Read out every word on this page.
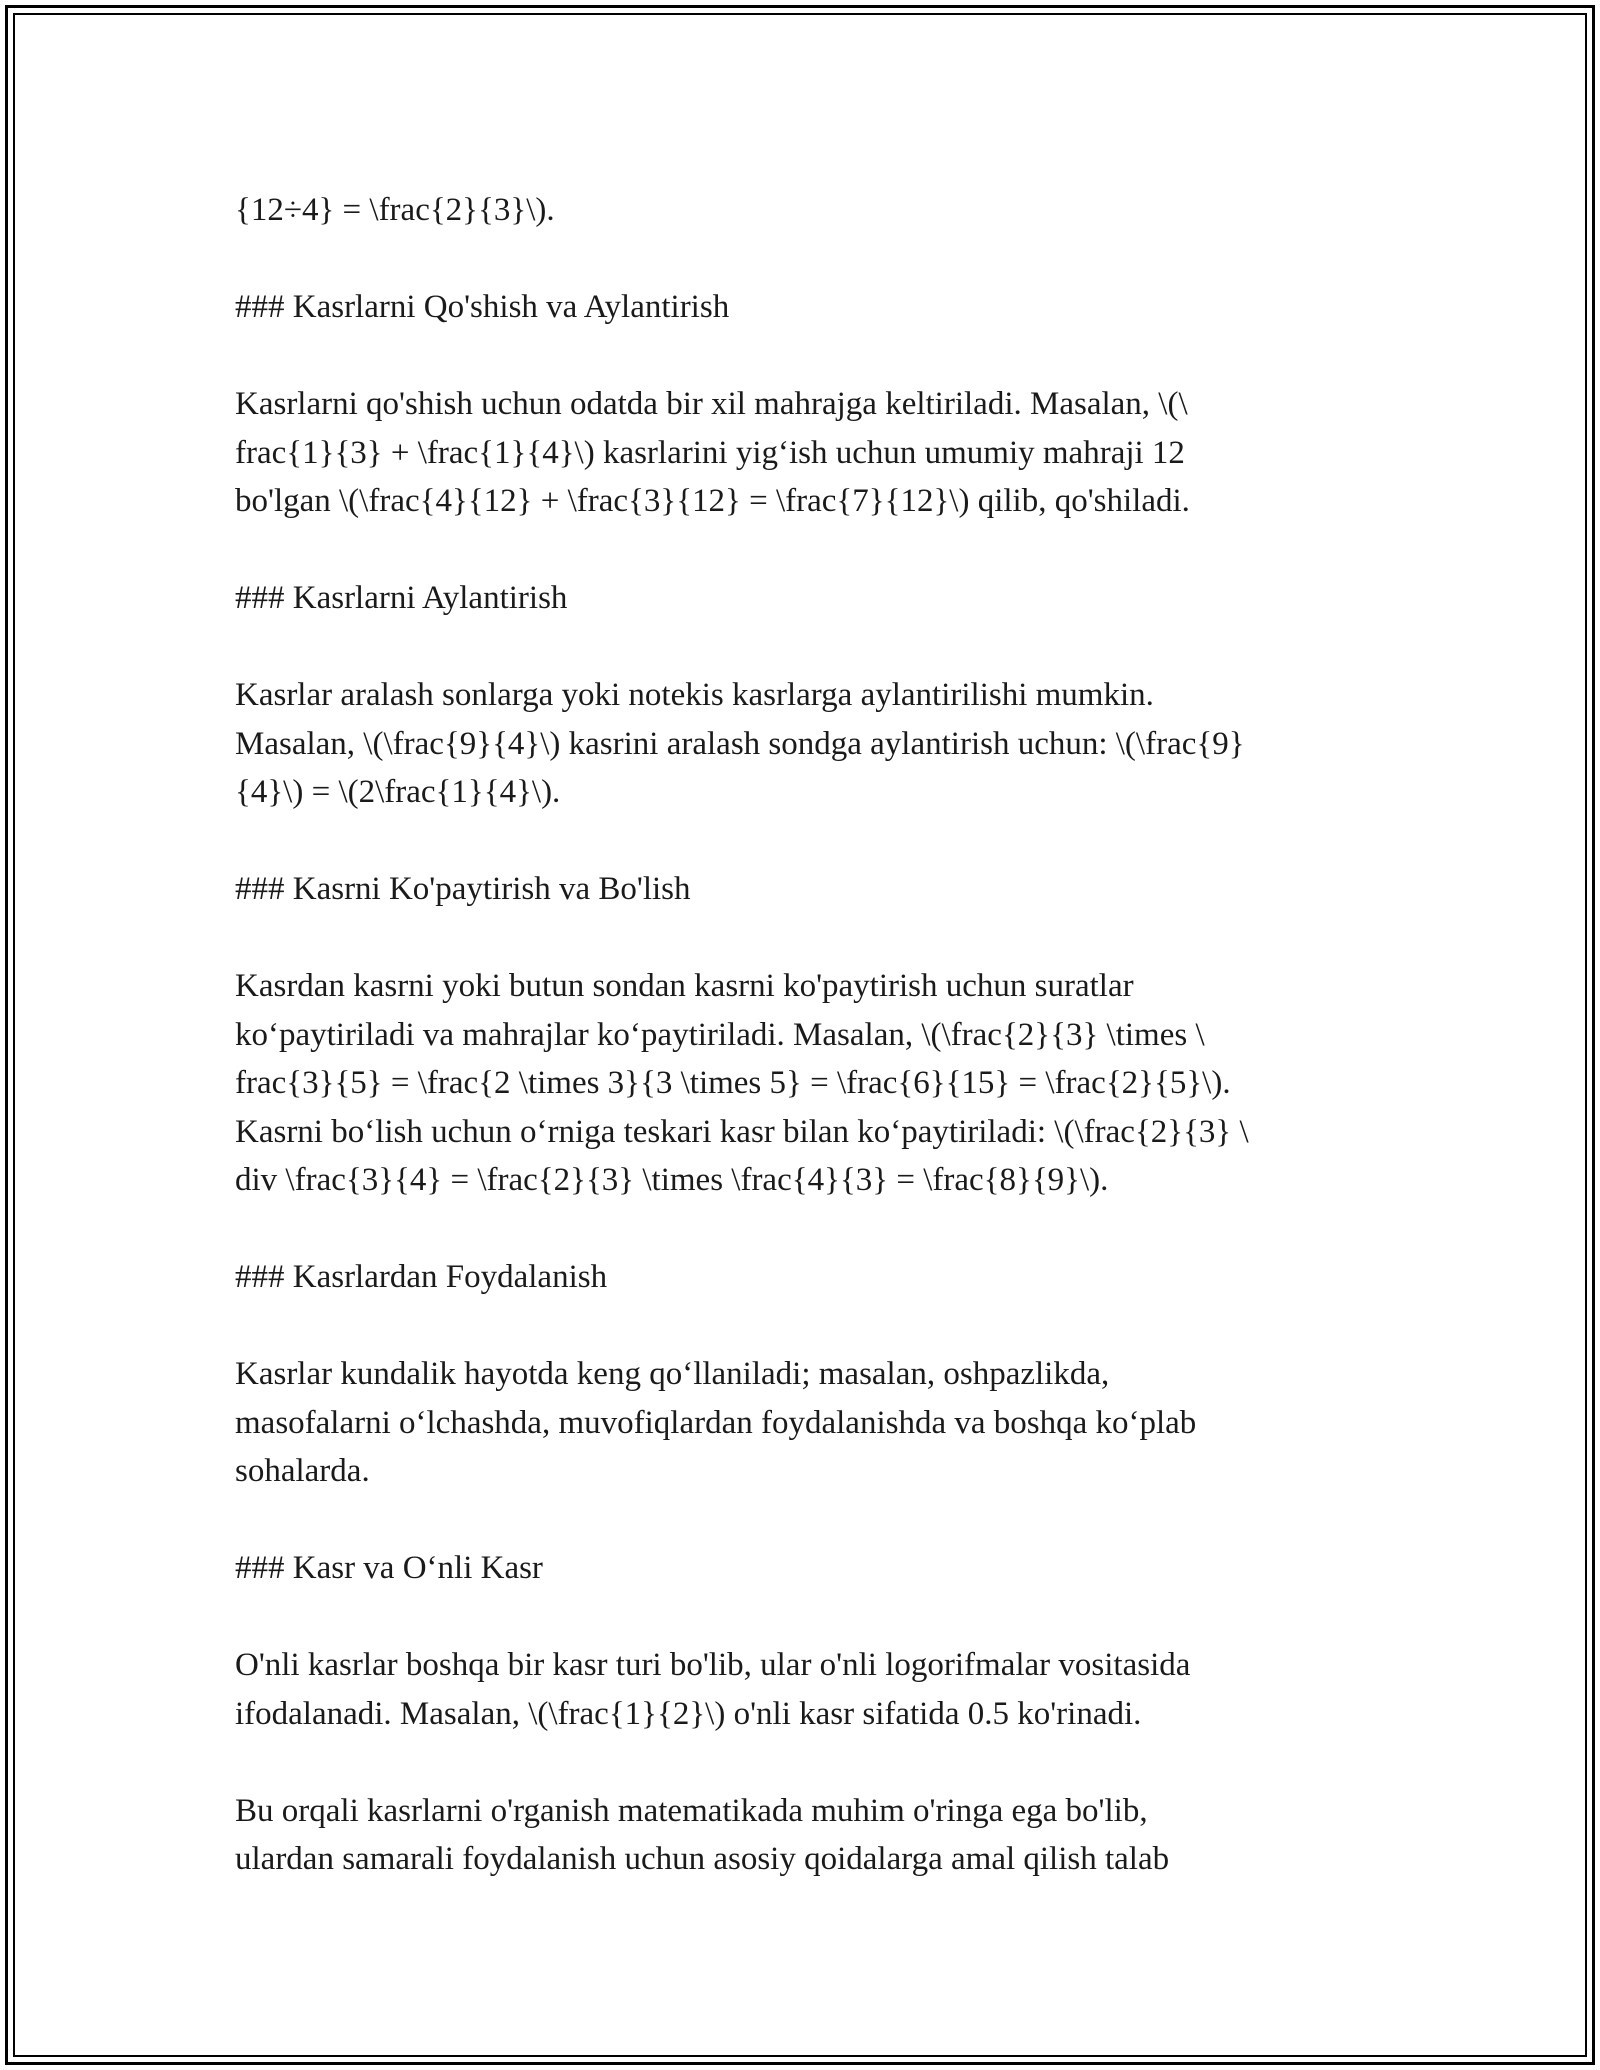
{12÷4} = \frac{2}{3}\).
### Kasrlarni Qo'shish va Aylantirish
Kasrlarni qo'shish uchun odatda bir xil mahrajga keltiriladi. Masalan, \(\
frac{1}{3} + \frac{1}{4}\) kasrlarini yig‘ish uchun umumiy mahraji 12
bo'lgan \(\frac{4}{12} + \frac{3}{12} = \frac{7}{12}\) qilib, qo'shiladi.
### Kasrlarni Aylantirish
Kasrlar aralash sonlarga yoki notekis kasrlarga aylantirilishi mumkin.
Masalan, \(\frac{9}{4}\) kasrini aralash sondga aylantirish uchun: \(\frac{9}
{4}\) = \(2\frac{1}{4}\).
### Kasrni Ko'paytirish va Bo'lish
Kasrdan kasrni yoki butun sondan kasrni ko'paytirish uchun suratlar
ko‘paytiriladi va mahrajlar ko‘paytiriladi. Masalan, \(\frac{2}{3} \times \
frac{3}{5} = \frac{2 \times 3}{3 \times 5} = \frac{6}{15} = \frac{2}{5}\).
Kasrni bo‘lish uchun o‘rniga teskari kasr bilan ko‘paytiriladi: \(\frac{2}{3} \
div \frac{3}{4} = \frac{2}{3} \times \frac{4}{3} = \frac{8}{9}\).
### Kasrlardan Foydalanish
Kasrlar kundalik hayotda keng qo‘llaniladi; masalan, oshpazlikda,
masofalarni o‘lchashda, muvofiqlardan foydalanishda va boshqa ko‘plab
sohalarda.
### Kasr va O‘nli Kasr
O'nli kasrlar boshqa bir kasr turi bo'lib, ular o'nli logorifmalar vositasida
ifodalanadi. Masalan, \(\frac{1}{2}\) o'nli kasr sifatida 0.5 ko'rinadi.
Bu orqali kasrlarni o'rganish matematikada muhim o'ringa ega bo'lib,
ulardan samarali foydalanish uchun asosiy qoidalarga amal qilish talab
